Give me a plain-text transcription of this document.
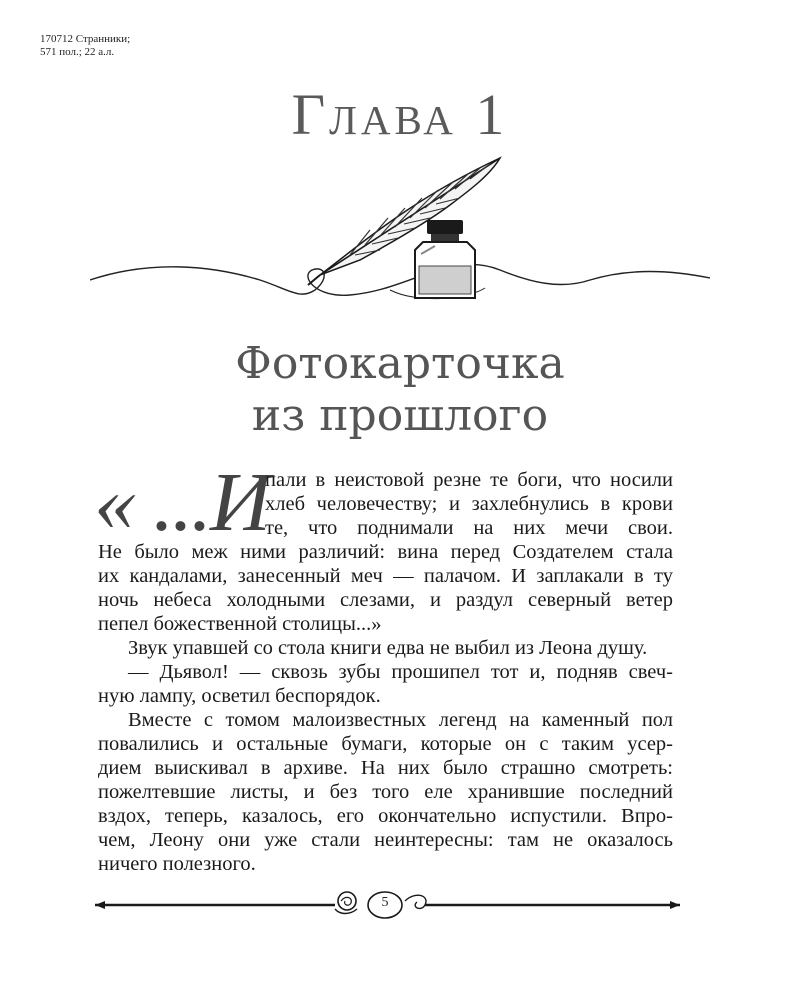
170712 Странники;
571 пол.; 22 а.л.
Глава 1
Фотокарточка
из прошлого
« ...И
пали в неистовой резне те боги, что носили
хлеб человечеству; и захлебнулись в крови
те, что поднимали на них мечи свои.
Не было меж ними различий: вина перед Создателем стала
их кандалами, занесенный меч — палачом. И заплакали в ту
ночь небеса холодными слезами, и раздул северный ветер
пепел божественной столицы...»
Звук упавшей со стола книги едва не выбил из Леона душу.
— Дьявол! — сквозь зубы прошипел тот и, подняв свеч-
ную лампу, осветил беспорядок.
Вместе с томом малоизвестных легенд на каменный пол
повалились и остальные бумаги, которые он с таким усер-
дием выискивал в архиве. На них было страшно смотреть:
пожелтевшие листы, и без того еле хранившие последний
вздох, теперь, казалось, его окончательно испустили. Впро-
чем, Леону они уже стали неинтересны: там не оказалось
ничего полезного.
5
